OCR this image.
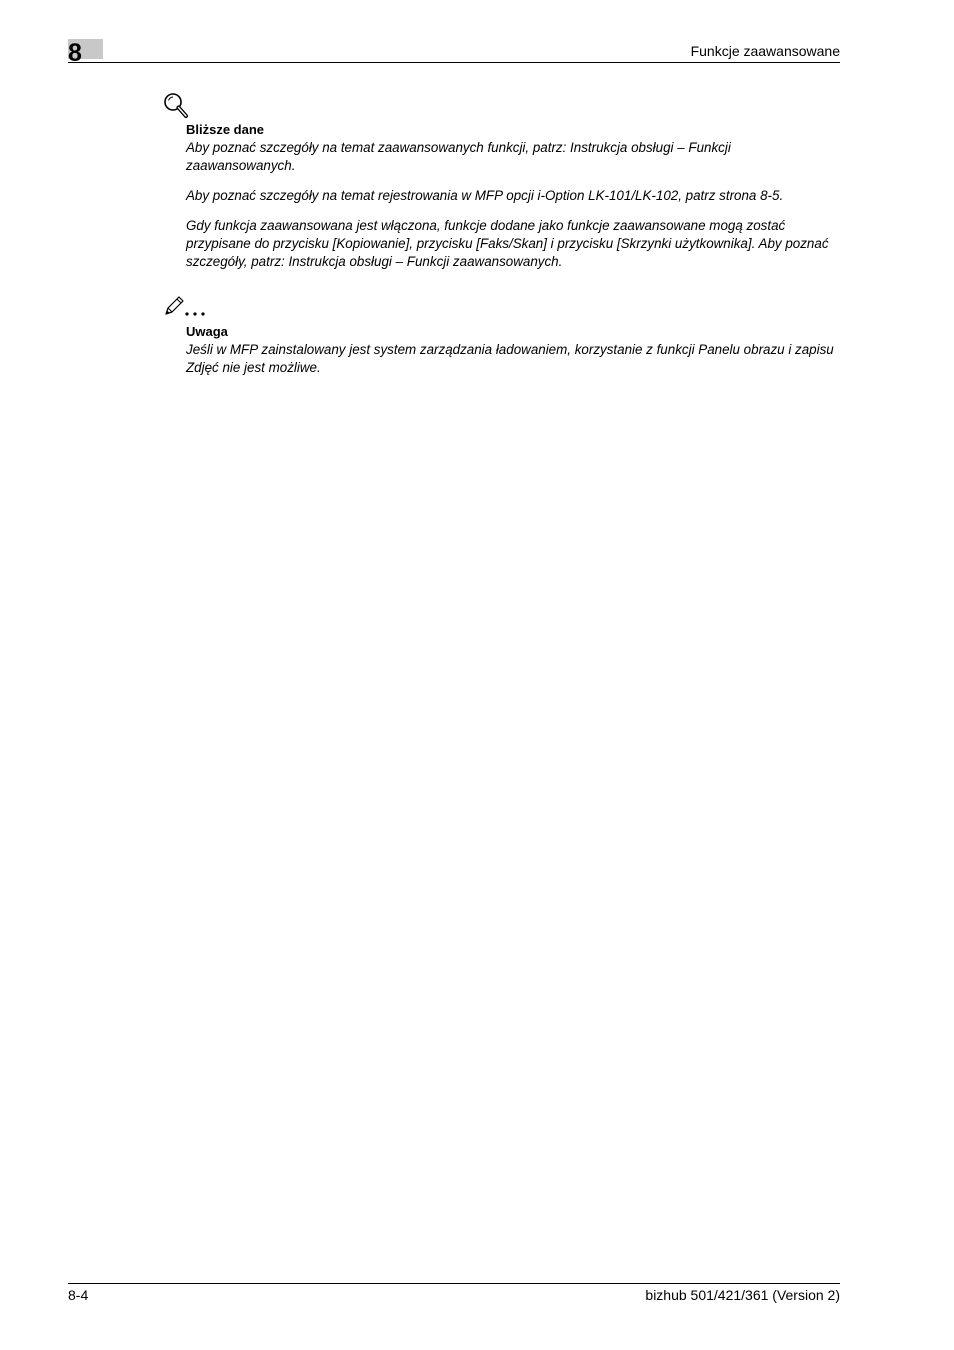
8	Funkcje zaawansowane

Bliższe dane

Aby poznać szczegóły na temat zaawansowanych funkcji, patrz: Instrukcja obsługi – Funkcji zaawansowanych.

Aby poznać szczegóły na temat rejestrowania w MFP opcji i-Option LK-101/LK-102, patrz strona 8-5.

Gdy funkcja zaawansowana jest włączona, funkcje dodane jako funkcje zaawansowane mogą zostać przypisane do przycisku [Kopiowanie], przycisku [Faks/Skan] i przycisku [Skrzynki użytkownika]. Aby poznać szczegóły, patrz: Instrukcja obsługi – Funkcji zaawansowanych.

Uwaga

Jeśli w MFP zainstalowany jest system zarządzania ładowaniem, korzystanie z funkcji Panelu obrazu i zapisu Zdjęć nie jest możliwe.

8-4	bizhub 501/421/361 (Version 2)
